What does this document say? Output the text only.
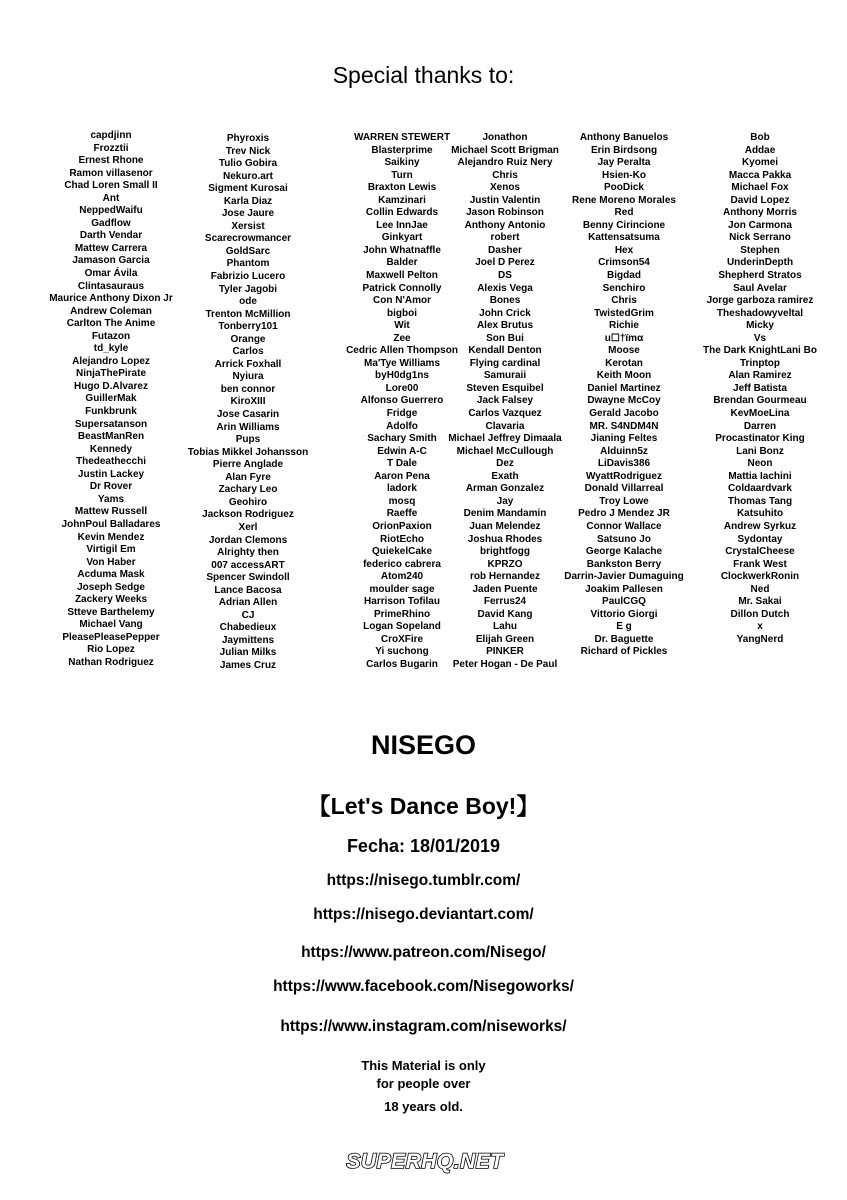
Special thanks to:
capdjinn
Frozztii
Ernest Rhone
Ramon villasenor
Chad Loren Small II
Ant
NeppedWaifu
Gadflow
Darth Vendar
Mattew Carrera
Jamason Garcia
Omar Ávila
Clintasauraus
Maurice Anthony Dixon Jr
Andrew Coleman
Carlton The Anime
Futazon
td_kyle
Alejandro Lopez
NinjaThePirate
Hugo D.Alvarez
GuillerMak
Funkbrunk
Supersatanson
BeastManRen
Kennedy
Thedeathecchi
Justin Lackey
Dr Rover
Yams
Mattew Russell
JohnPoul Balladares
Kevin Mendez
Virtigil Em
Von Haber
Acduma Mask
Joseph Sedge
Zackery Weeks
Stteve Barthelemy
Michael Vang
PleasePleasePepper
Rio Lopez
Nathan Rodriguez
Phyroxis
Trev Nick
Tulio Gobira
Nekuro.art
Sigment Kurosai
Karla Diaz
Jose Jaure
Xersist
Scarecrowmancer
GoldSarc
Phantom
Fabrizio Lucero
Tyler Jagobi
ode
Trenton McMillion
Tonberry101
Orange
Carlos
Arrick Foxhall
Nyiura
ben connor
KiroXIII
Jose Casarin
Arin Williams
Pups
Tobias Mikkel Johansson
Pierre Anglade
Alan Fyre
Zachary Leo
Geohiro
Jackson Rodriguez
Xerl
Jordan Clemons
Alrighty then
007 accessART
Spencer Swindoll
Lance Bacosa
Adrian Allen
CJ
Chabedieux
Jaymittens
Julian Milks
James Cruz
WARREN STEWERT
Blasterprime
Saikiny
Turn
Braxton Lewis
Kamzinari
Collin Edwards
Lee InnJae
Ginkyart
John Whatnaffle
Balder
Maxwell Pelton
Patrick Connolly
Con N'Amor
bigboi
Wit
Zee
Cedric Allen Thompson
Ma'Tye Williams
byH0dg1ns
Lore00
Alfonso Guerrero
Fridge
Adolfo
Sachary Smith
Edwin A-C
T Dale
Aaron Pena
ladork
mosq
Raeffe
OrionPaxion
RiotEcho
QuiekelCake
federico cabrera
Atom240
moulder sage
Harrison Tofilau
PrimeRhino
Logan Sopeland
CroXFire
Yi suchong
Carlos Bugarin
Jonathon
Michael Scott Brigman
Alejandro Ruiz Nery
Chris
Xenos
Justin Valentin
Jason Robinson
Anthony Antonio
robert
Dasher
Joel D Perez
DS
Alexis Vega
Bones
John Crick
Alex Brutus
Son Bui
Kendall Denton
Flying cardinal
Samuraii
Steven Esquibel
Jack Falsey
Carlos Vazquez
Clavaria
Michael Jeffrey Dimaala
Michael McCullough
Dez
Exath
Arman Gonzalez
Jay
Denim Mandamin
Juan Melendez
Joshua Rhodes
brightfogg
KPRZO
rob Hernandez
Jaden Puente
Ferrus24
David Kang
Lahu
Elijah Green
PINKER
Peter Hogan - De Paul
Anthony Banuelos
Erin Birdsong
Jay Peralta
Hsien-Ko
PooDick
Rene Moreno Morales
Red
Benny Cirincione
Kattensatsuma
Hex
Crimson54
Bigdad
Senchiro
Chris
TwistedGrim
Richie
u☐†ïmα
Moose
Kerotan
Keith Moon
Daniel Martinez
Dwayne McCoy
Gerald Jacobo
MR. S4NDM4N
Jianing Feltes
Alduinn5z
LiDavis386
WyattRodriguez
Donald Villarreal
Troy Lowe
Pedro J Mendez JR
Connor Wallace
Satsuno Jo
George Kalache
Bankston Berry
Darrin-Javier Dumaguing
Joakim Pallesen
PaulCGQ
Vittorio Giorgi
E g
Dr. Baguette
Richard of Pickles
Bob
Addae
Kyomei
Macca Pakka
Michael Fox
David Lopez
Anthony Morris
Jon Carmona
Nick Serrano
Stephen
UnderinDepth
Shepherd Stratos
Saul Avelar
Jorge garboza ramirez
Theshadowyveltal
Micky
Vs
The Dark KnightLani Bo
Trinptop
Alan Ramirez
Jeff Batista
Brendan Gourmeau
KevMoeLina
Darren
Procastinator King
Lani Bonz
Neon
Mattia Iachini
Coldaardvark
Thomas Tang
Katsuhito
Andrew Syrkuz
Sydontay
CrystalCheese
Frank West
ClockwerkRonin
Ned
Mr. Sakai
Dillon Dutch
x
YangNerd
NISEGO
【Let's Dance Boy!】
Fecha: 18/01/2019
https://nisego.tumblr.com/
https://nisego.deviantart.com/
https://www.patreon.com/Nisego/
https://www.facebook.com/Nisegoworks/
https://www.instagram.com/niseworks/
This Material is only
for people over
18 years old.
SUPERHQ.NET
